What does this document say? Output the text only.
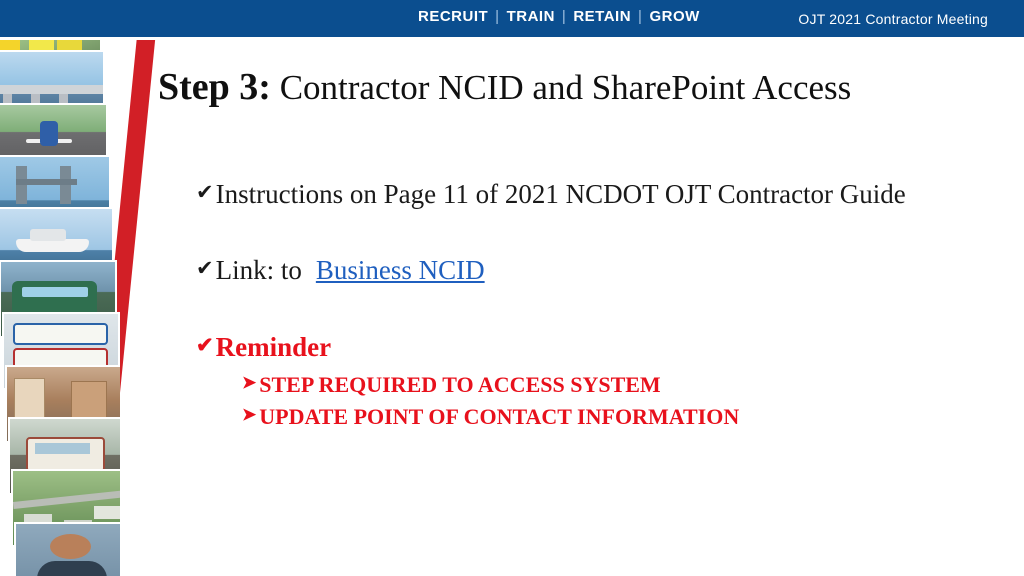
RECRUIT | TRAIN | RETAIN | GROW	OJT 2021 Contractor Meeting
Step 3: Contractor NCID and SharePoint Access
✔ Instructions on Page 11 of 2021 NCDOT OJT Contractor Guide
✔ Link: to Business NCID
✔ Reminder
➤ STEP REQUIRED TO ACCESS SYSTEM
➤ UPDATE POINT OF CONTACT INFORMATION
